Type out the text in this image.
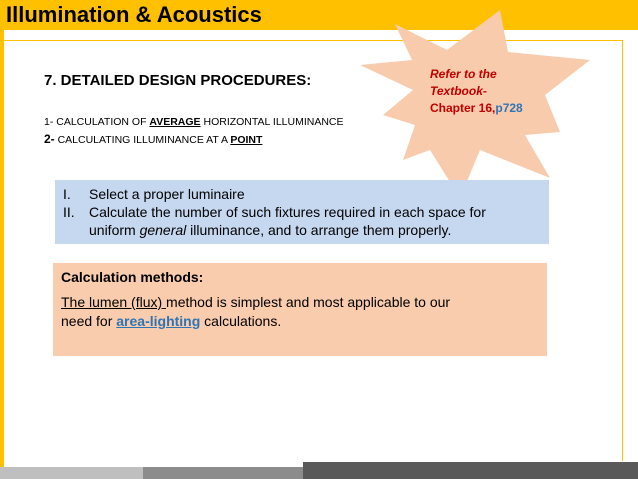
Illumination & Acoustics
7. DETAILED DESIGN PROCEDURES:
1- CALCULATION OF AVERAGE HORIZONTAL ILLUMINANCE
2- CALCULATING ILLUMINANCE AT A POINT
Refer to the
Textbook-
Chapter 16,p728
I. Select a proper luminaire
II. Calculate the number of such fixtures required in each space for
uniform general illuminance, and to arrange them properly.
Calculation methods:
The lumen (flux) method is simplest and most applicable to our
need for area-lighting calculations.
